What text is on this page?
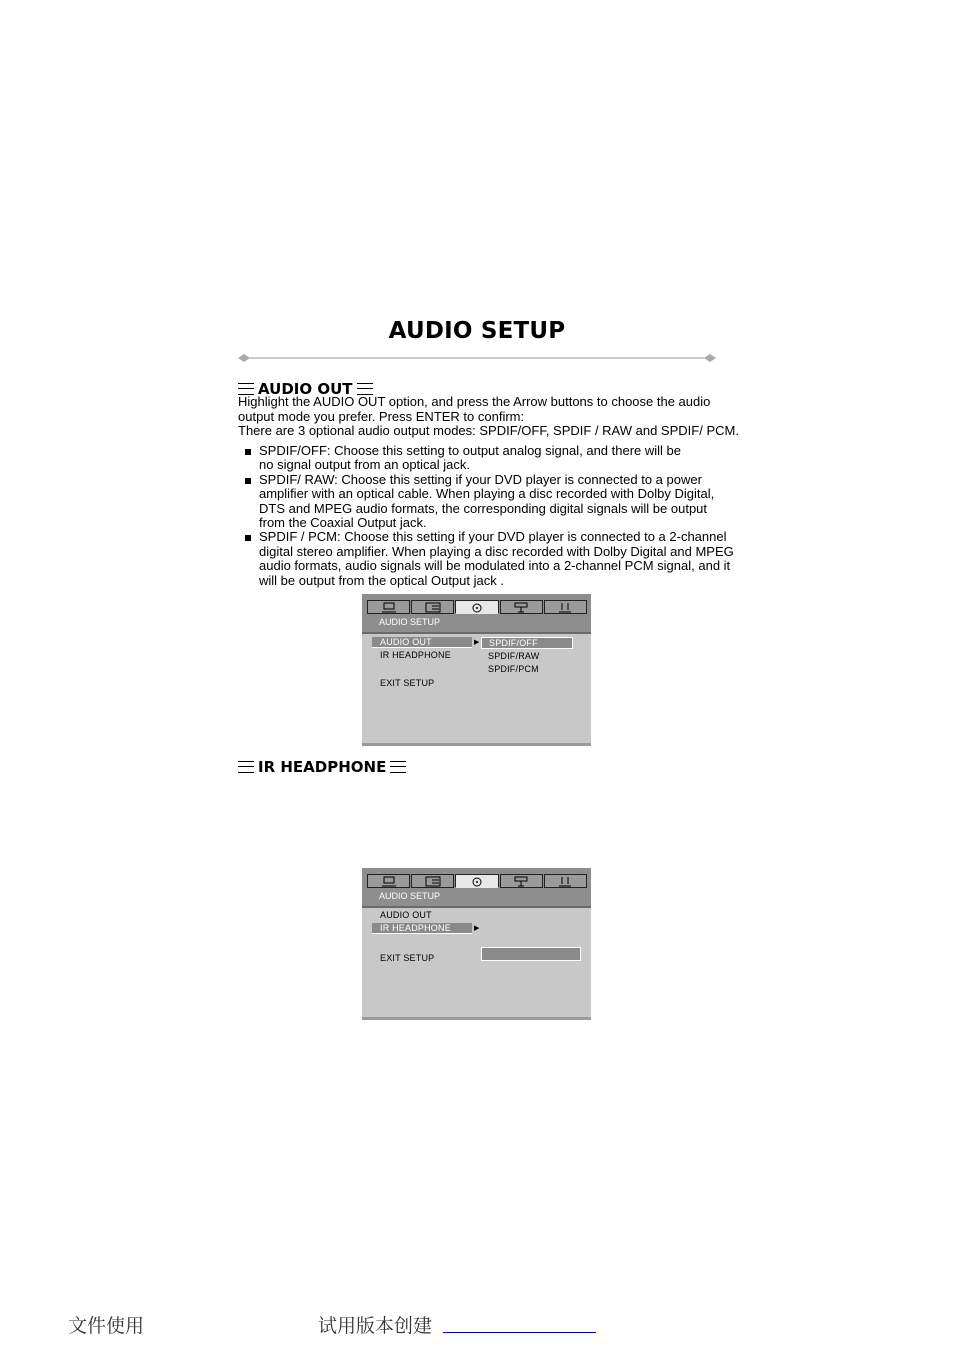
AUDIO SETUP
AUDIO OUT
Highlight the AUDIO OUT option, and press the Arrow buttons to choose the audio
output mode you prefer. Press ENTER to confirm:
There are 3 optional audio output modes: SPDIF/OFF, SPDIF / RAW and SPDIF/ PCM.
SPDIF/OFF: Choose this setting to output analog signal, and there will be no signal output from an optical jack.
SPDIF/ RAW: Choose this setting if your DVD player is connected to a power amplifier with an optical cable. When playing a disc recorded with Dolby Digital, DTS and MPEG audio formats, the corresponding digital signals will be output from the Coaxial Output jack.
SPDIF / PCM: Choose this setting if your DVD player is connected to a 2-channel digital stereo amplifier. When playing a disc recorded with Dolby Digital and MPEG audio formats, audio signals will be modulated into a 2-channel PCM signal, and it will be output from the optical Output jack .
AUDIO SETUP
AUDIO OUT	▶	SPDIF/OFF
IR HEADPHONE	SPDIF/RAW
SPDIF/PCM
EXIT SETUP
IR HEADPHONE
AUDIO SETUP
AUDIO OUT
IR HEADPHONE	▶
EXIT SETUP
文件使用	试用版本创建
